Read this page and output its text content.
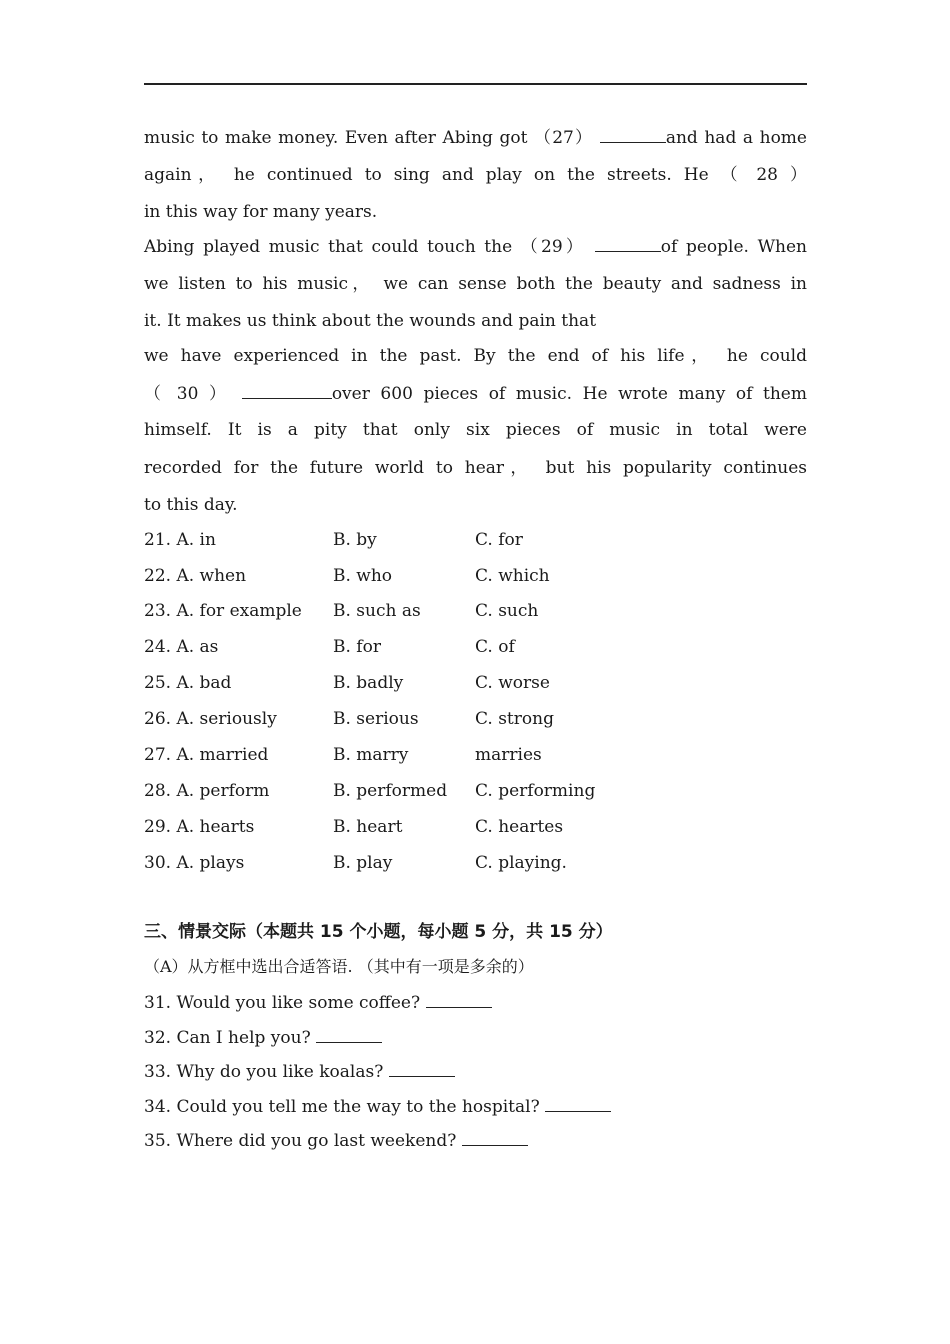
music to make money. Even after Abing got （27）	and had a home
again， he continued to sing and play on the streets. He （ 28 ）
in this way for many years.
Abing played music that could touch the （29）	of people. When
we listen to his music， we can sense both the beauty and sadness in
it. It makes us think about the wounds and pain that
we have experienced in the past. By the end of his life， he could
（ 30 ）	over 600 pieces of music. He wrote many of them
himself. It is a pity that only six pieces of music in total were
recorded for the future world to hear， but his popularity continues
to this day.
21. A. in	B. by	C. for
22. A. when	B. who	C. which
23. A. for example B. such as	C. such
24. A. as	B. for	C. of
25. A. bad	B. badly	C. worse
26. A. seriously	B. serious	C. strong
27. A. married	B. marry	marries
28. A. perform	B. performed C. performing
29. A. hearts	B. heart	C. heartes
30. A. plays	B. play	C. playing.
三、情景交际（本题共 15 个小题，每小题 5 分，共 15 分）
（A）从方框中选出合适答语. （其中有一项是多余的）
31. Would you like some coffee?
32. Can I help you?
33. Why do you like koalas?
34. Could you tell me the way to the hospital?
35. Where did you go last weekend?
